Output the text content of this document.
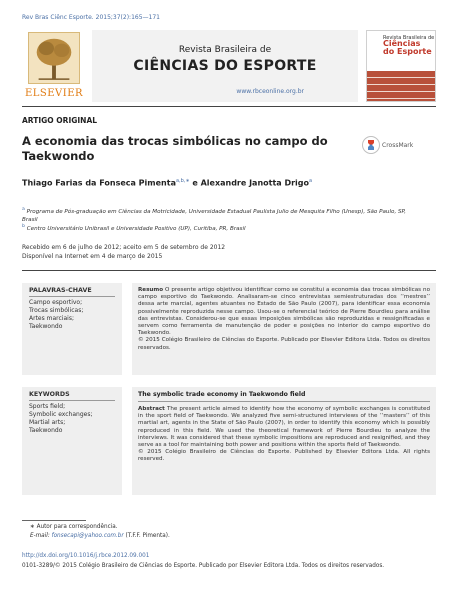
Rev Bras Ciênc Esporte. 2015;37(2):165—171
ELSEVIER
Revista Brasileira de
CIÊNCIAS DO ESPORTE
www.rbceonline.org.br
Revista Brasileira de
Ciências
do Esporte
ARTIGO ORIGINAL
A economia das trocas simbólicas no campo do Taekwondo
CrossMark
Thiago Farias da Fonseca Pimenta$^{a,b,∗}$ e Alexandre Janotta Drigo$^a$
$^a$ Programa de Pós-graduação em Ciências da Motricidade, Universidade Estadual Paulista Julio de Mesquita Filho (Unesp), São Paulo, SP, Brasil
$^b$ Centro Universitário Unibrasil e Universidade Positivo (UP), Curitiba, PR, Brasil
Recebido em 6 de julho de 2012; aceito em 5 de setembro de 2012
Disponível na Internet em 4 de março de 2015
PALAVRAS-CHAVE
Campo esportivo;
Trocas simbólicas;
Artes marciais;
Taekwondo
Resumo O presente artigo objetivou identificar como se constitui a economia das trocas simbólicas no campo esportivo do Taekwondo. Analisaram-se cinco entrevistas semiestruturadas dos ‘‘mestres’’ dessa arte marcial, agentes atuantes no Estado de São Paulo (2007), para identificar essa economia possivelmente reproduzida nesse campo. Usou-se o referencial teórico de Pierre Bourdieu para análise das entrevistas. Considerou-se que essas imposições simbólicas são reproduzidas e ressignificadas e servem como ferramenta de manutenção de poder e posições no interior do campo esportivo do Taekwondo.
© 2015 Colégio Brasileiro de Ciências do Esporte. Publicado por Elsevier Editora Ltda. Todos os direitos reservados.
KEYWORDS
Sports field;
Symbolic exchanges;
Martial arts;
Taekwondo
The symbolic trade economy in Taekwondo field
Abstract The present article aimed to identify how the economy of symbolic exchanges is constituted in the sport field of Taekwondo. We analyzed five semi-structured interviews of the ‘‘masters’’ of this martial art, agents in the State of São Paulo (2007), in order to identify this economy which is possibly reproduced in this field. We used the theoretical framework of Pierre Bourdieu to analyze the interviews. It was considered that these symbolic impositions are reproduced and resignified, and they serve as a tool for maintaining both power and positions within the sports field of Taekwondo.
© 2015 Colégio Brasileiro de Ciências do Esporte. Published by Elsevier Editora Ltda. All rights reserved.
∗ Autor para correspondência.
E-mail: fonsecapi@yahoo.com.br (T.F.F. Pimenta).
http://dx.doi.org/10.1016/j.rbce.2012.09.001
0101-3289/© 2015 Colégio Brasileiro de Ciências do Esporte. Publicado por Elsevier Editora Ltda. Todos os direitos reservados.
